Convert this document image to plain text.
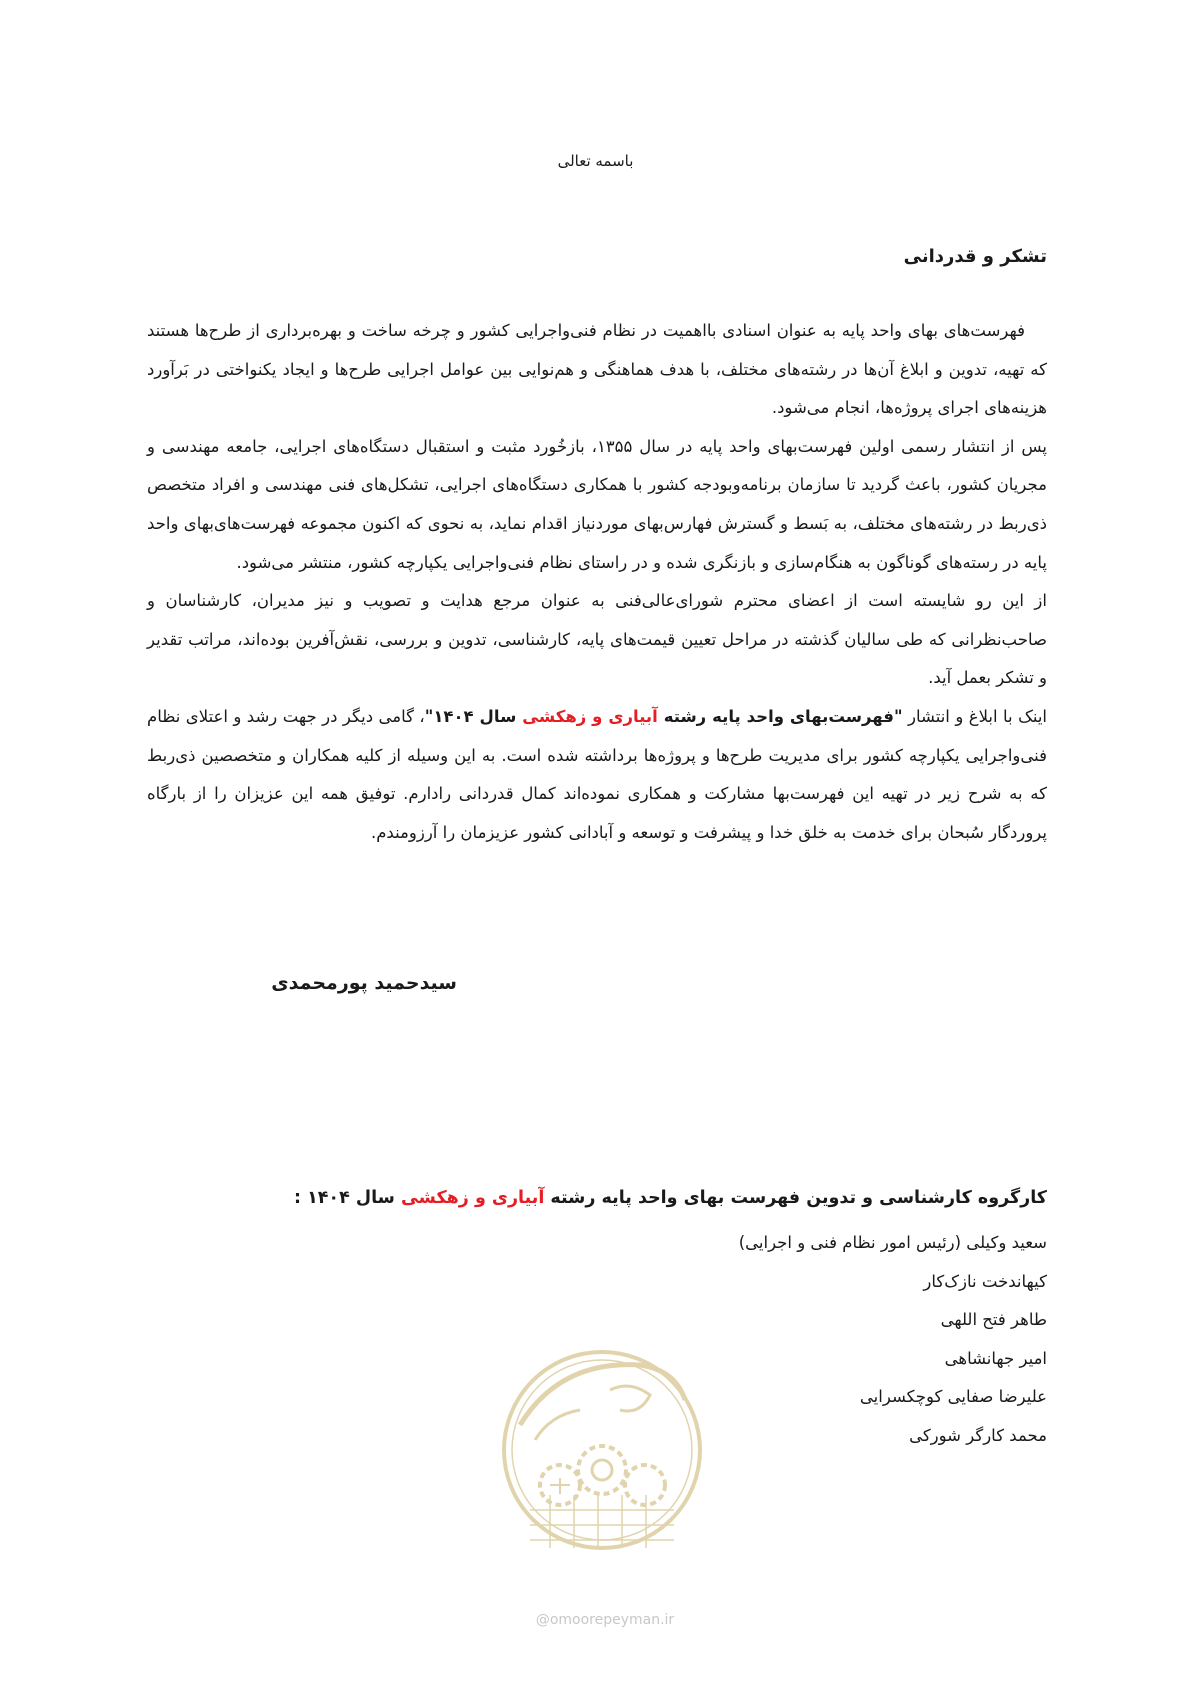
باسمه تعالی
تشکر و قدردانی

فهرست‌های بهای واحد پایه به عنوان اسنادی بااهمیت در نظام فنی‌واجرایی کشور و چرخه ساخت و بهره‌برداری از طرح‌ها هستند که تهیه، تدوین و ابلاغ آن‌ها در رشته‌های مختلف، با هدف هماهنگی و هم‌نوایی بین عوامل اجرایی طرح‌ها و ایجاد یکنواختی در بَرآورد هزینه‌های اجرای پروژه‌ها، انجام می‌شود.

پس از انتشار رسمی اولین فهرست‌بهای واحد پایه در سال ۱۳۵۵، بازخُورد مثبت و استقبال دستگاه‌های اجرایی، جامعه مهندسی و مجریان کشور، باعث گردید تا سازمان برنامه‌وبودجه کشور با همکاری دستگاه‌های اجرایی، تشکل‌های فنی مهندسی و افراد متخصص ذی‌ربط در رشته‌های مختلف، به بَسط و گسترش فهارس‌بهای موردنیاز اقدام نماید، به نحوی که اکنون مجموعه فهرست‌های‌بهای واحد پایه در رسته‌های گوناگون به هنگام‌سازی و بازنگری شده و در راستای نظام فنی‌واجرایی یکپارچه کشور، منتشر می‌شود.

از این رو شایسته است از اعضای محترم شورای‌عالی‌فنی به عنوان مرجع هدایت و تصویب و نیز مدیران، کارشناسان و صاحب‌نظرانی که طی سالیان گذشته در مراحل تعیین قیمت‌های پایه، کارشناسی، تدوین و بررسی، نقش‌آفرین بوده‌اند، مراتب تقدیر و تشکر بعمل آید.

اینک با ابلاغ و انتشار "فهرست‌بهای واحد پایه رشته آبیاری و زهکشی سال ۱۴۰۴"، گامی دیگر در جهت رشد و اعتلای نظام فنی‌واجرایی یکپارچه کشور برای مدیریت طرح‌ها و پروژه‌ها برداشته شده است. به این وسیله از کلیه همکاران و متخصصین ذی‌ربط که به شرح زیر در تهیه این فهرست‌بها مشارکت و همکاری نموده‌اند کمال قدردانی رادارم. توفیق همه این عزیزان را از بارگاه پروردگار سُبحان برای خدمت به خلق خدا و پیشرفت و توسعه و آبادانی کشور عزیزمان را آرزومندم.

سیدحمید پورمحمدی
کارگروه کارشناسی و تدوین فهرست بهای واحد پایه رشته آبیاری و زهکشی سال ۱۴۰۴ :
سعید وکیلی (رئیس امور نظام فنی و اجرایی)
کیهاندخت نازک‌کار
طاهر فتح اللهی
امیر جهانشاهی
علیرضا صفایی کوچکسرایی
محمد کارگر شورکی
@omoorepeyman.ir
